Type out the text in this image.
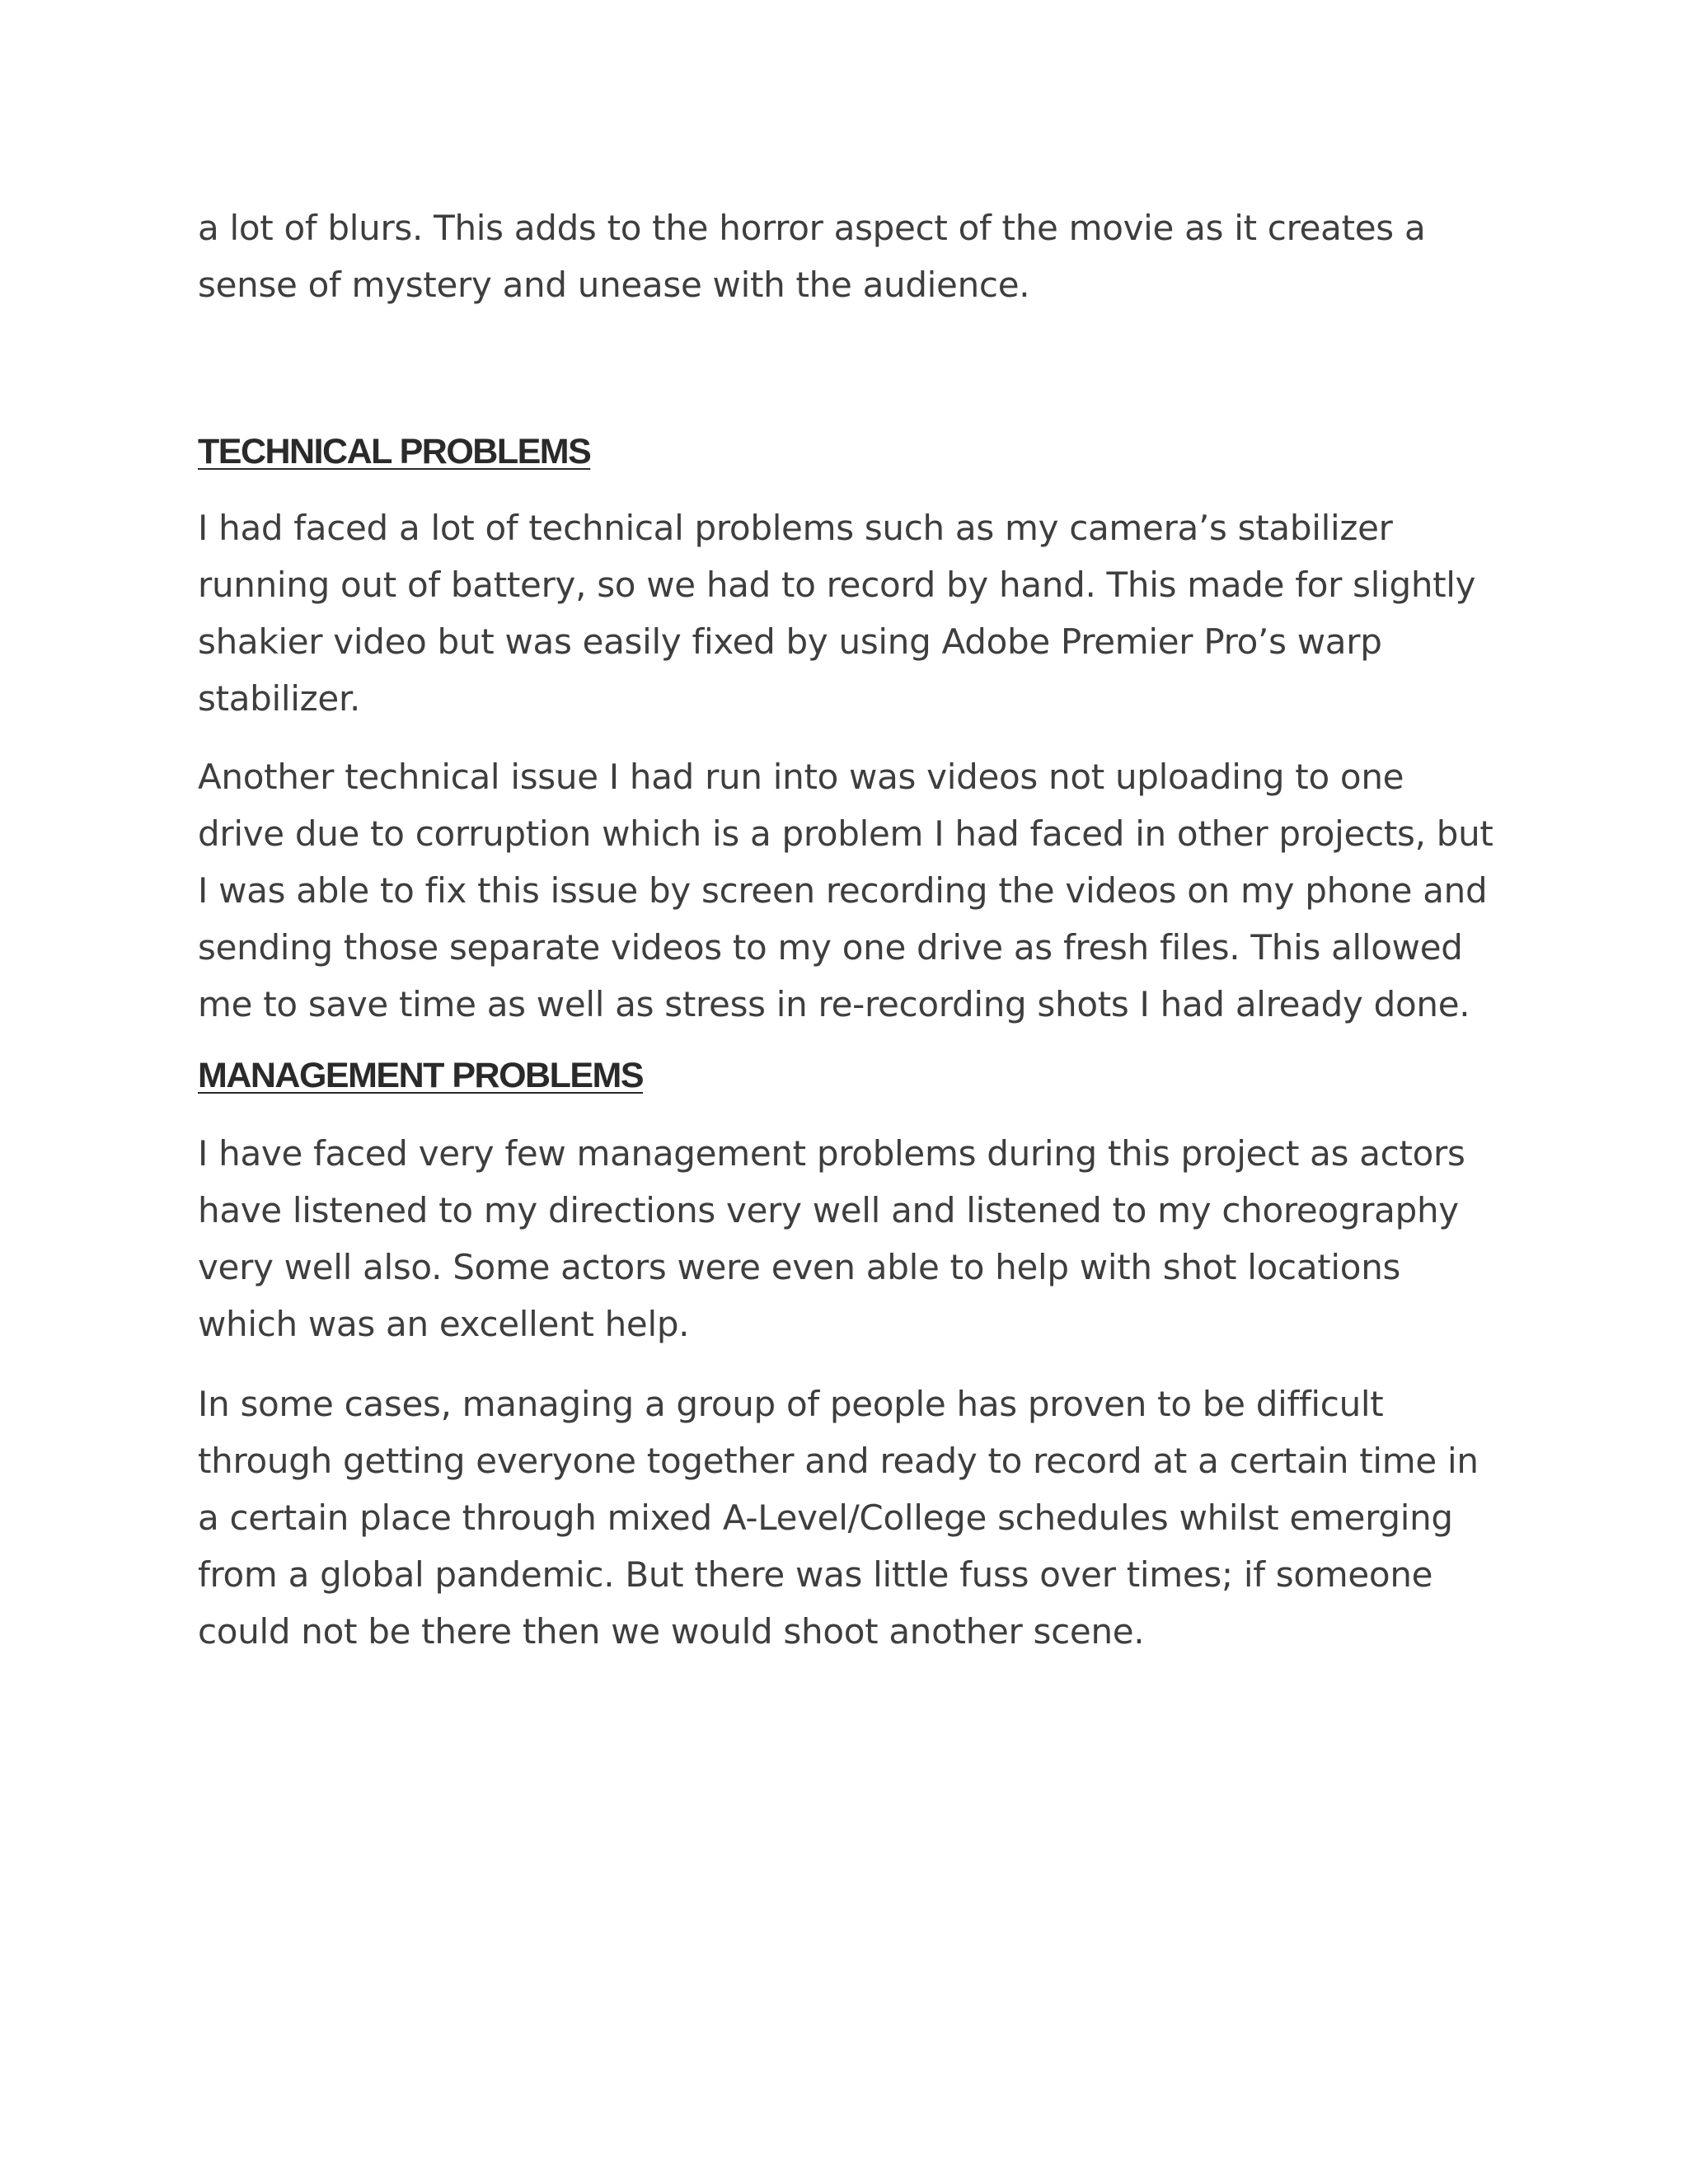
a lot of blurs. This adds to the horror aspect of the movie as it creates a sense of mystery and unease with the audience.

TECHNICAL PROBLEMS

I had faced a lot of technical problems such as my camera’s stabilizer running out of battery, so we had to record by hand. This made for slightly shakier video but was easily fixed by using Adobe Premier Pro’s warp stabilizer.

Another technical issue I had run into was videos not uploading to one drive due to corruption which is a problem I had faced in other projects, but I was able to fix this issue by screen recording the videos on my phone and sending those separate videos to my one drive as fresh files. This allowed me to save time as well as stress in re-recording shots I had already done.

MANAGEMENT PROBLEMS

I have faced very few management problems during this project as actors have listened to my directions very well and listened to my choreography very well also. Some actors were even able to help with shot locations which was an excellent help.

In some cases, managing a group of people has proven to be difficult through getting everyone together and ready to record at a certain time in a certain place through mixed A-Level/College schedules whilst emerging from a global pandemic. But there was little fuss over times; if someone could not be there then we would shoot another scene.
